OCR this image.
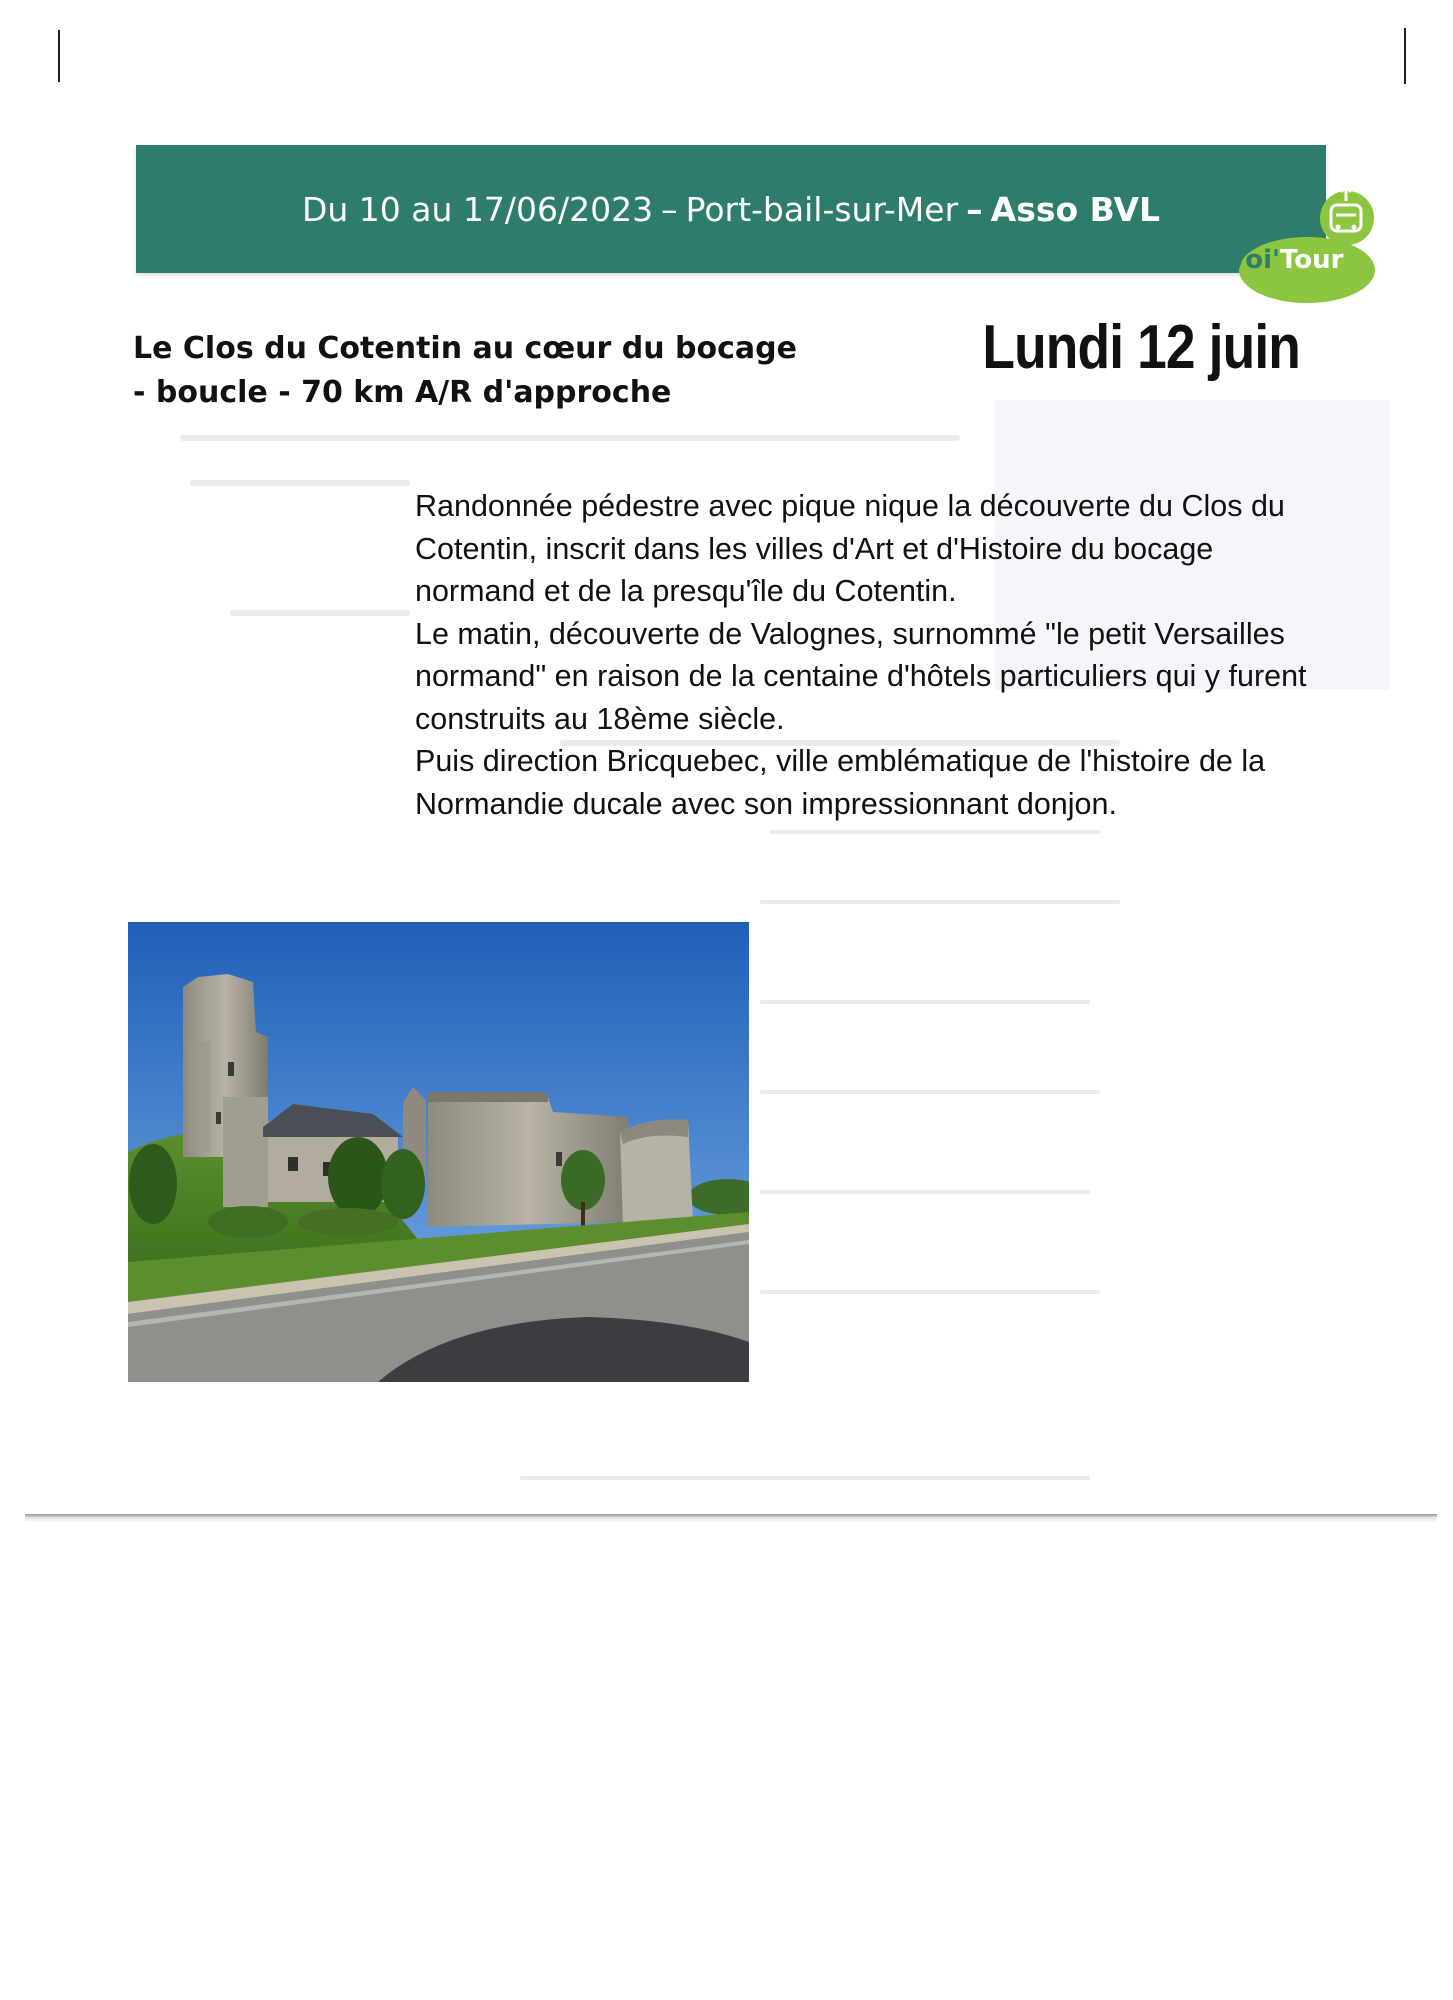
Du 10 au 17/06/2023 – Port-bail-sur-Mer – Asso BVL
Voi'Tour
Le Clos du Cotentin au cœur du bocage
- boucle - 70 km A/R d'approche
Lundi 12 juin

Randonnée pédestre avec pique nique la découverte du Clos du Cotentin, inscrit dans les villes d'Art et d'Histoire du bocage normand et de la presqu'île du Cotentin.

Le matin, découverte de Valognes, surnommé "le petit Versailles normand" en raison de la centaine d'hôtels particuliers qui y furent construits au 18ème siècle.

Puis direction Bricquebec, ville emblématique de l'histoire de la Normandie ducale avec son impressionnant donjon.
